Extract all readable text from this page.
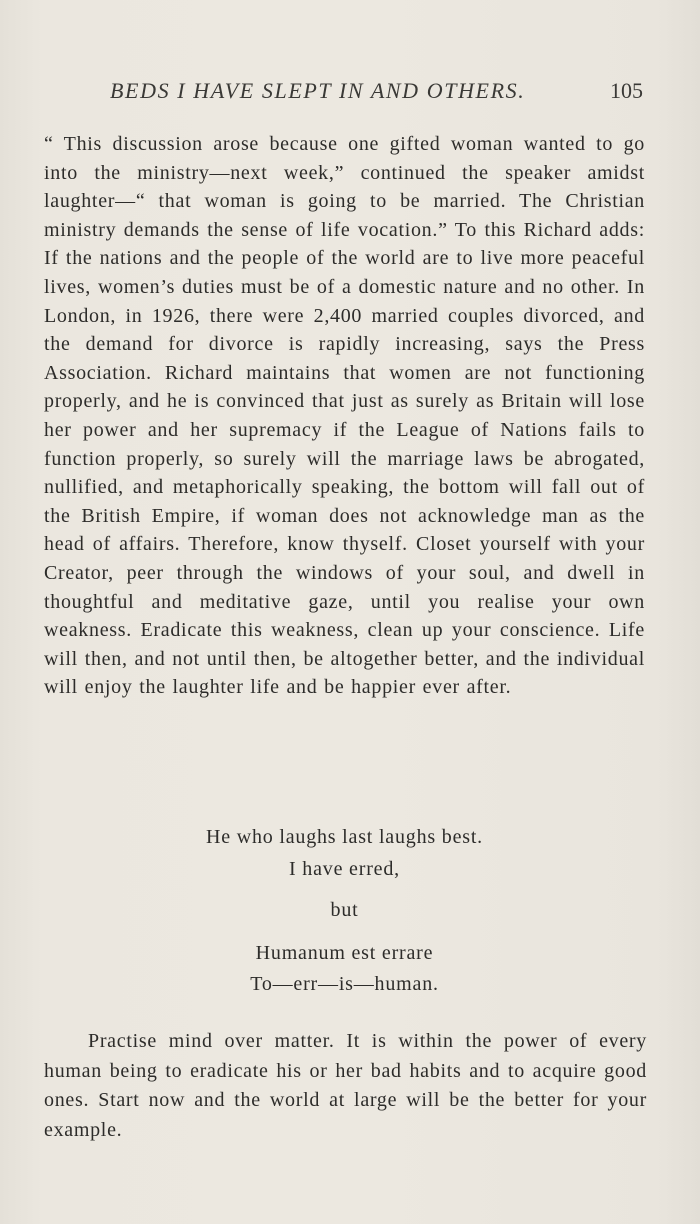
BEDS I HAVE SLEPT IN AND OTHERS.	105

“ This discussion arose because one gifted woman wanted to go into the ministry—next week,” continued the speaker amidst laughter—“ that woman is going to be married. The Christian ministry demands the sense of life vocation.” To this Richard adds: If the nations and the people of the world are to live more peaceful lives, women’s duties must be of a domestic nature and no other. In London, in 1926, there were 2,400 married couples divorced, and the demand for divorce is rapidly increasing, says the Press Association. Richard maintains that women are not functioning properly, and he is convinced that just as surely as Britain will lose her power and her supremacy if the League of Nations fails to function properly, so surely will the marriage laws be abrogated, nullified, and metaphorically speaking, the bottom will fall out of the British Empire, if woman does not acknowledge man as the head of affairs. Therefore, know thyself. Closet yourself with your Creator, peer through the windows of your soul, and dwell in thoughtful and meditative gaze, until you realise your own weakness. Eradicate this weakness, clean up your conscience. Life will then, and not until then, be altogether better, and the individual will enjoy the laughter life and be happier ever after.

He who laughs last laughs best.

I have erred,

but

Humanum est errare

To—err—is—human.

Practise mind over matter. It is within the power of every human being to eradicate his or her bad habits and to acquire good ones. Start now and the world at large will be the better for your example.
